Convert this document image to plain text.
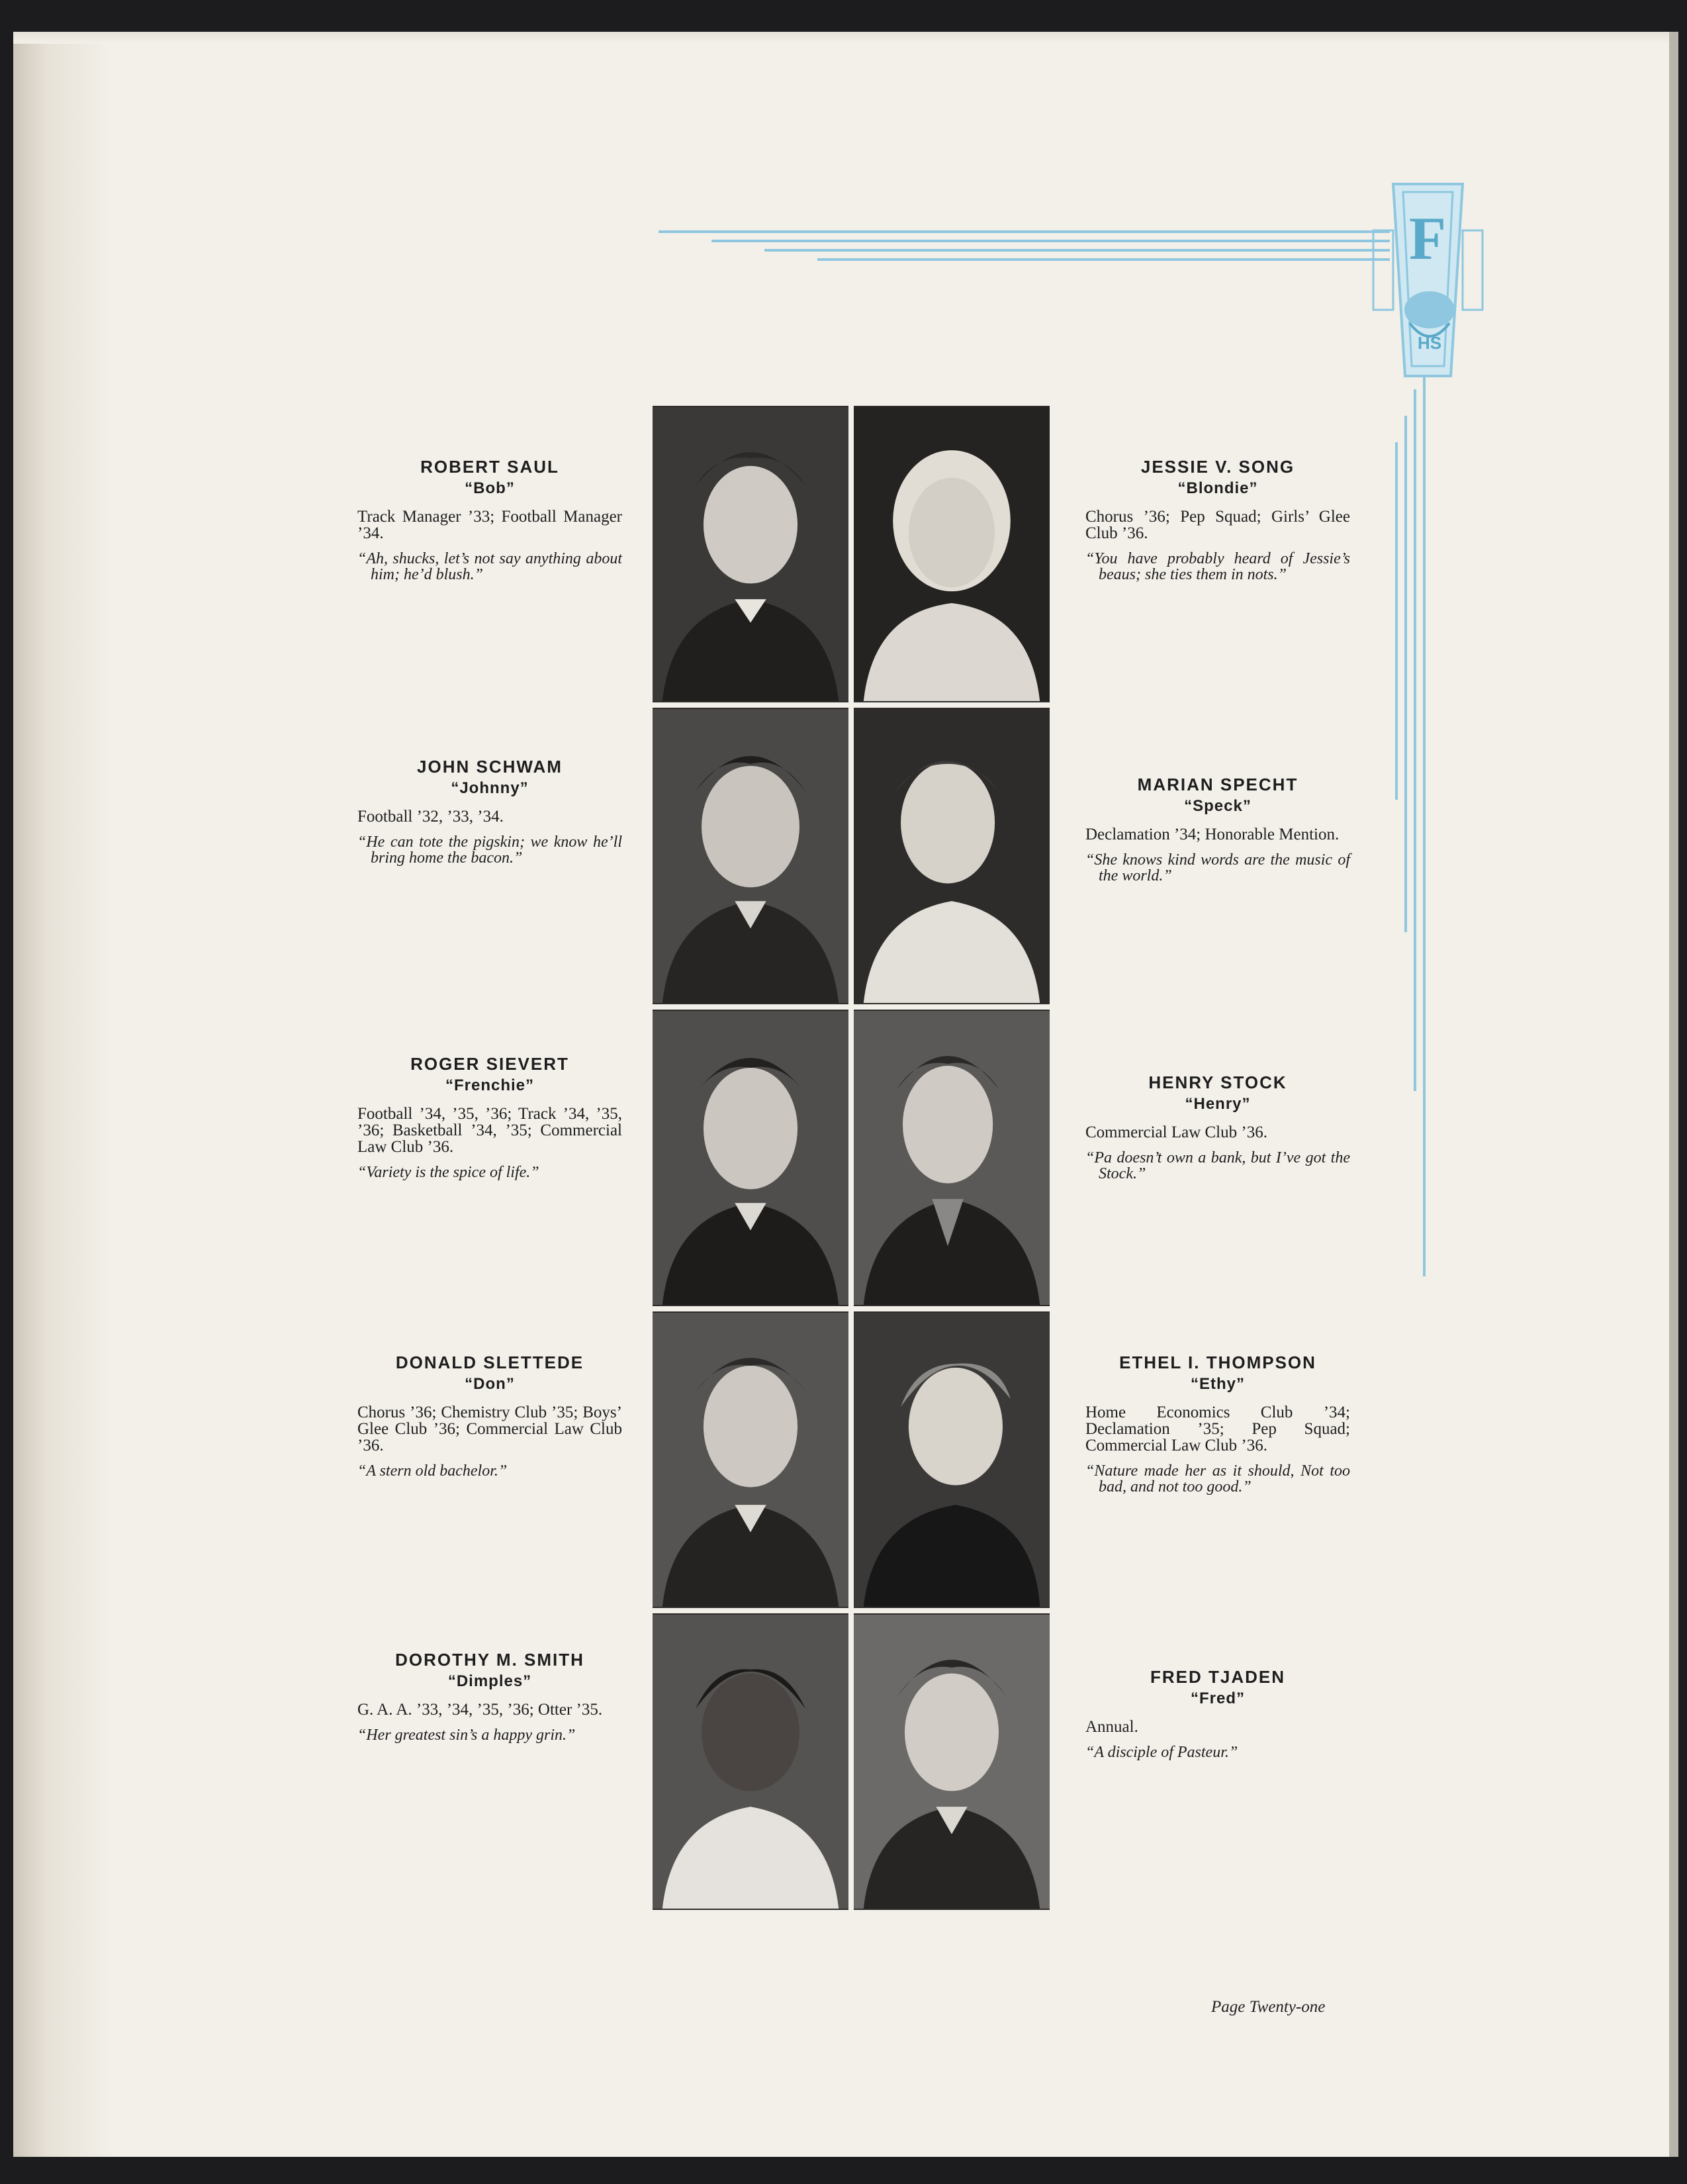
F
HS
ROBERT SAUL
“Bob”
Track Manager ’33; Football Manager ’34.
“Ah, shucks, let’s not say anything about him; he’d blush.”
JOHN SCHWAM
“Johnny”
Football ’32, ’33, ’34.
“He can tote the pigskin; we know he’ll bring home the bacon.”
ROGER SIEVERT
“Frenchie”
Football ’34, ’35, ’36; Track ’34, ’35, ’36; Basketball ’34, ’35; Commercial Law Club ’36.
“Variety is the spice of life.”
DONALD SLETTEDE
“Don”
Chorus ’36; Chemistry Club ’35; Boys’ Glee Club ’36; Commercial Law Club ’36.
“A stern old bachelor.”
DOROTHY M. SMITH
“Dimples”
G. A. A. ’33, ’34, ’35, ’36; Otter ’35.
“Her greatest sin’s a happy grin.”
JESSIE V. SONG
“Blondie”
Chorus ’36; Pep Squad; Girls’ Glee Club ’36.
“You have probably heard of Jessie’s beaus; she ties them in nots.”
MARIAN SPECHT
“Speck”
Declamation ’34; Honorable Mention.
“She knows kind words are the music of the world.”
HENRY STOCK
“Henry”
Commercial Law Club ’36.
“Pa doesn’t own a bank, but I’ve got the Stock.”
ETHEL I. THOMPSON
“Ethy”
Home Economics Club ’34; Declamation ’35; Pep Squad; Commercial Law Club ’36.
“Nature made her as it should, Not too bad, and not too good.”
FRED TJADEN
“Fred”
Annual.
“A disciple of Pasteur.”
Page Twenty-one
